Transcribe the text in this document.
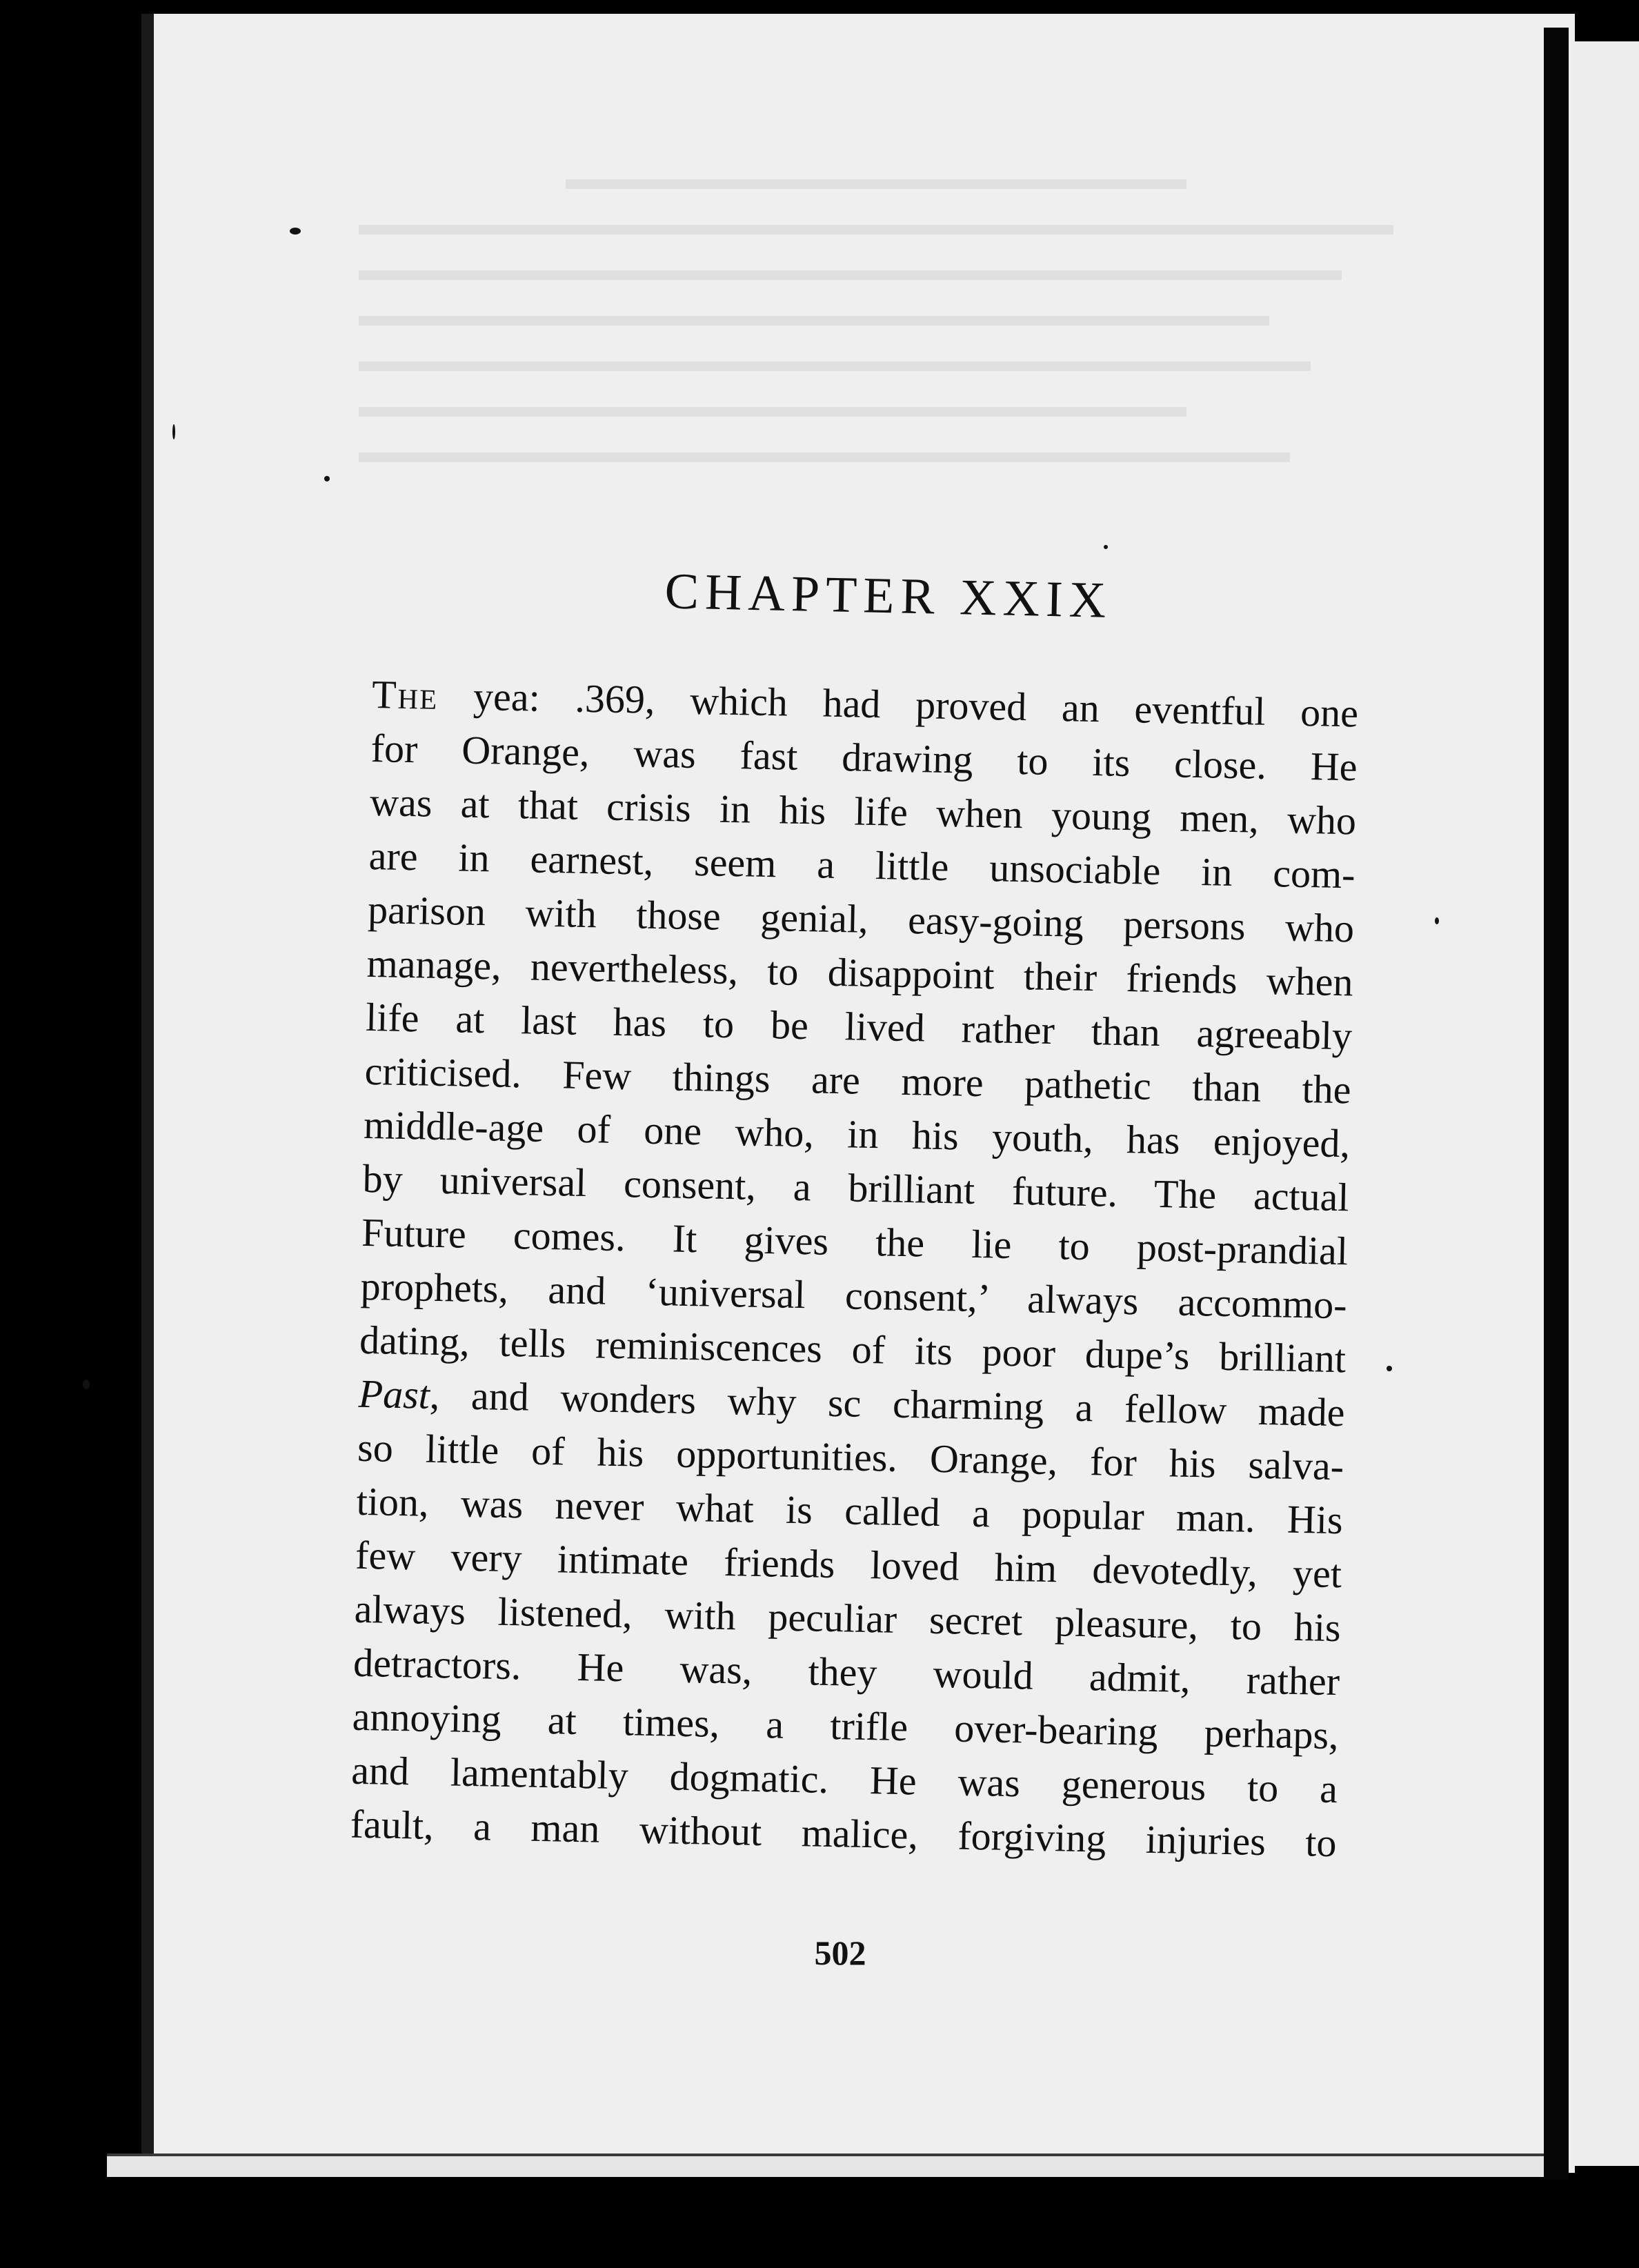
CHAPTER XXIX
The yea: .369, which had proved an eventful one
for Orange, was fast drawing to its close. He
was at that crisis in his life when young men, who
are in earnest, seem a little unsociable in com-
parison with those genial, easy-going persons who
manage, nevertheless, to disappoint their friends when
life at last has to be lived rather than agreeably
criticised. Few things are more pathetic than the
middle-age of one who, in his youth, has enjoyed,
by universal consent, a brilliant future. The actual
Future comes. It gives the lie to post-prandial
prophets, and ‘universal consent,’ always accommo-
dating, tells reminiscences of its poor dupe’s brilliant
Past, and wonders why sc charming a fellow made
so little of his opportunities. Orange, for his salva-
tion, was never what is called a popular man. His
few very intimate friends loved him devotedly, yet
always listened, with peculiar secret pleasure, to his
detractors. He was, they would admit, rather
annoying at times, a trifle over-bearing perhaps,
and lamentably dogmatic. He was generous to a
fault, a man without malice, forgiving injuries to
502
